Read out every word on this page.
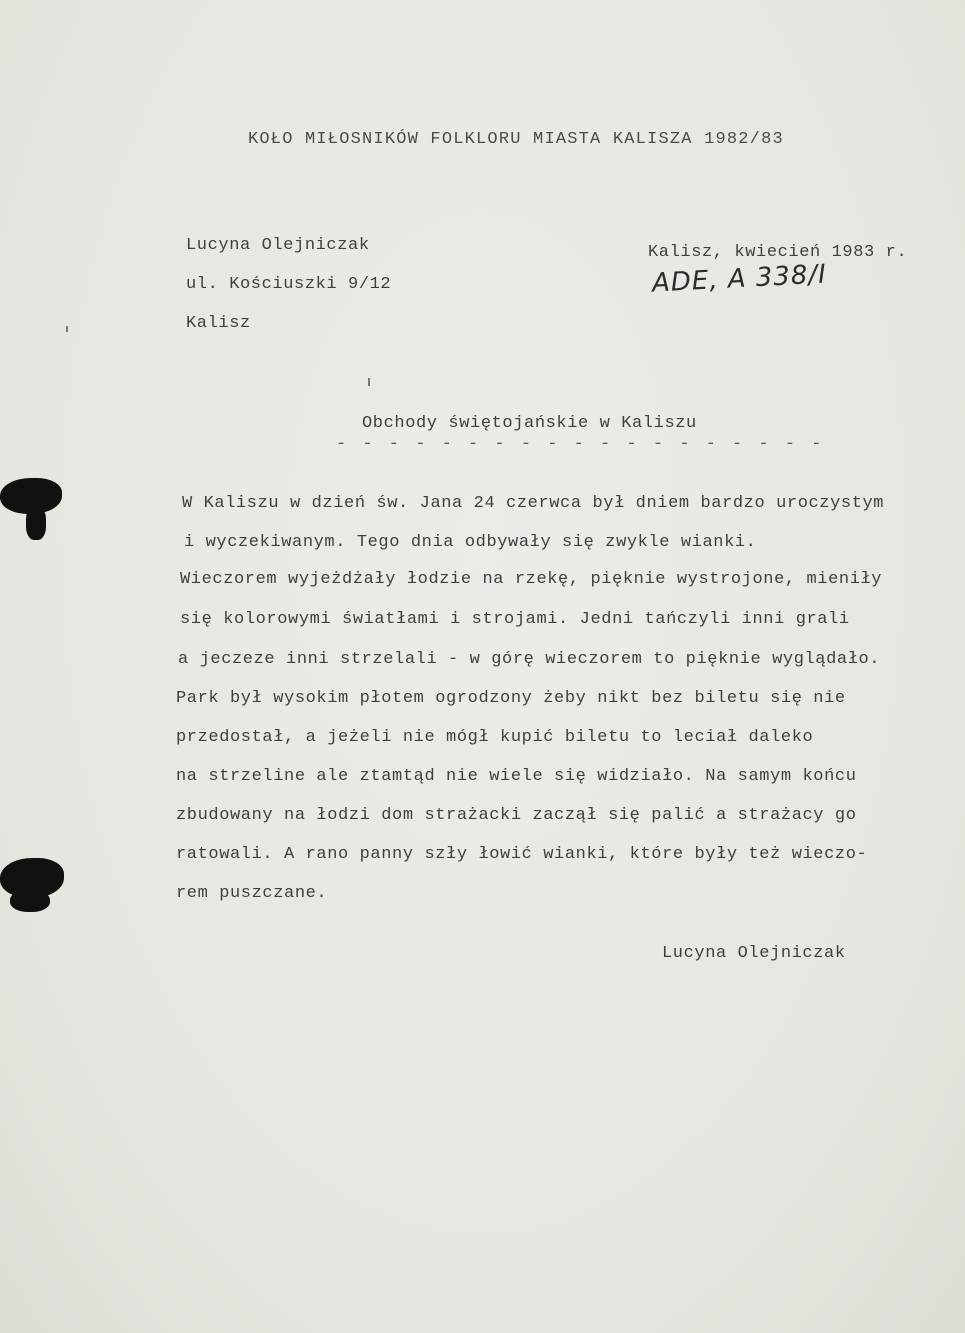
KOŁO MIŁOSNIKÓW FOLKLORU MIASTA KALISZA 1982/83
Lucyna Olejniczak
ul. Kościuszki 9/12
Kalisz
Kalisz, kwiecień 1983 r.
ADE, A 338/I
Obchody świętojańskie w Kaliszu
- - - - - - - - - - - - - - - - - - -
W Kaliszu w dzień św. Jana 24 czerwca był dniem bardzo uroczystym
i wyczekiwanym. Tego dnia odbywały się zwykle wianki.
Wieczorem wyjeżdżały łodzie na rzekę, pięknie wystrojone, mieniły
się kolorowymi światłami i strojami. Jedni tańczyli inni grali
a jeczeze inni strzelali - w górę wieczorem to pięknie wyglądało.
Park był wysokim płotem ogrodzony żeby nikt bez biletu się nie
przedostał, a jeżeli nie mógł kupić biletu to leciał daleko
na strzeline ale ztamtąd nie wiele się widziało. Na samym końcu
zbudowany na łodzi dom strażacki zaczął się palić a strażacy go
ratowali. A rano panny szły łowić wianki, które były też wieczo-
rem puszczane.
Lucyna Olejniczak
